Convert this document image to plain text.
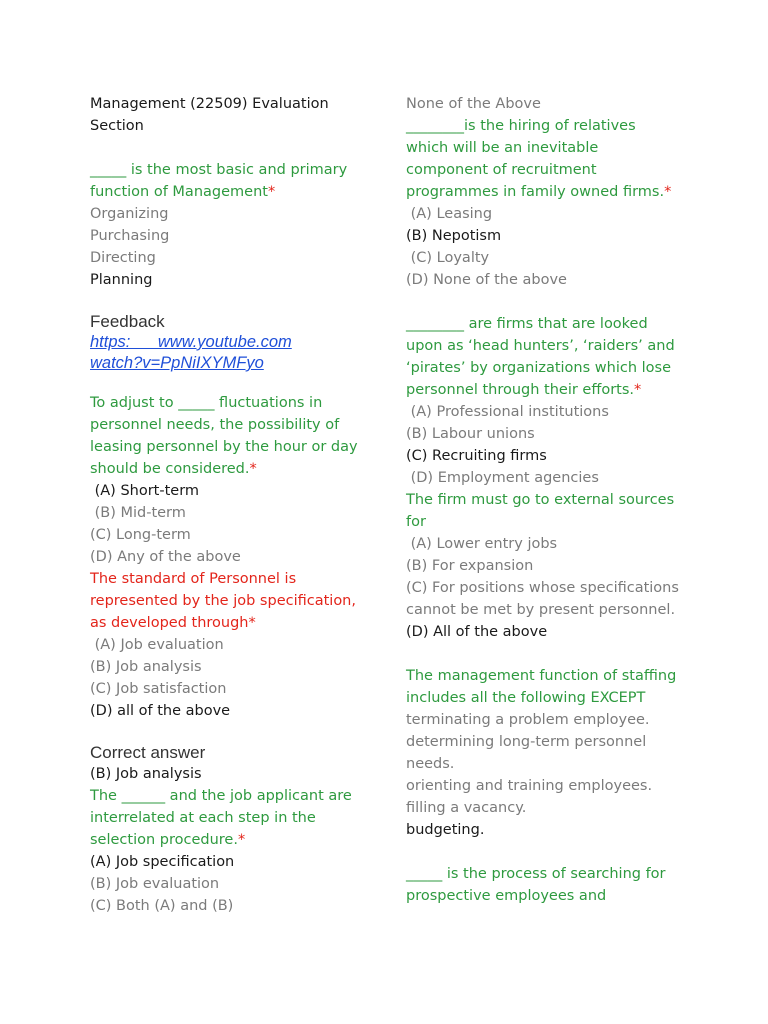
Management (22509) Evaluation
Section
_____ is the most basic and primary
function of Management*
Organizing
Purchasing
Directing
Planning
Feedback
https:      www.youtube.com
watch?v=PpNiIXYMFyo
To adjust to _____ fluctuations in
personnel needs, the possibility of
leasing personnel by the hour or day
should be considered.*
(A) Short-term
(B) Mid-term
(C) Long-term
(D) Any of the above
The standard of Personnel is
represented by the job specification,
as developed through*
(A) Job evaluation
(B) Job analysis
(C) Job satisfaction
(D) all of the above
Correct answer
(B) Job analysis
The ______ and the job applicant are
interrelated at each step in the
selection procedure.*
(A) Job specification
(B) Job evaluation
(C) Both (A) and (B)
None of the Above
________is the hiring of relatives
which will be an inevitable
component of recruitment
programmes in family owned firms.*
(A) Leasing
(B) Nepotism
(C) Loyalty
(D) None of the above
________ are firms that are looked
upon as ‘head hunters’, ‘raiders’ and
‘pirates’ by organizations which lose
personnel through their efforts.*
(A) Professional institutions
(B) Labour unions
(C) Recruiting firms
(D) Employment agencies
The firm must go to external sources
for
(A) Lower entry jobs
(B) For expansion
(C) For positions whose specifications
cannot be met by present personnel.
(D) All of the above
The management function of staffing
includes all the following EXCEPT
terminating a problem employee.
determining long-term personnel
needs.
orienting and training employees.
filling a vacancy.
budgeting.
_____ is the process of searching for
prospective employees and
